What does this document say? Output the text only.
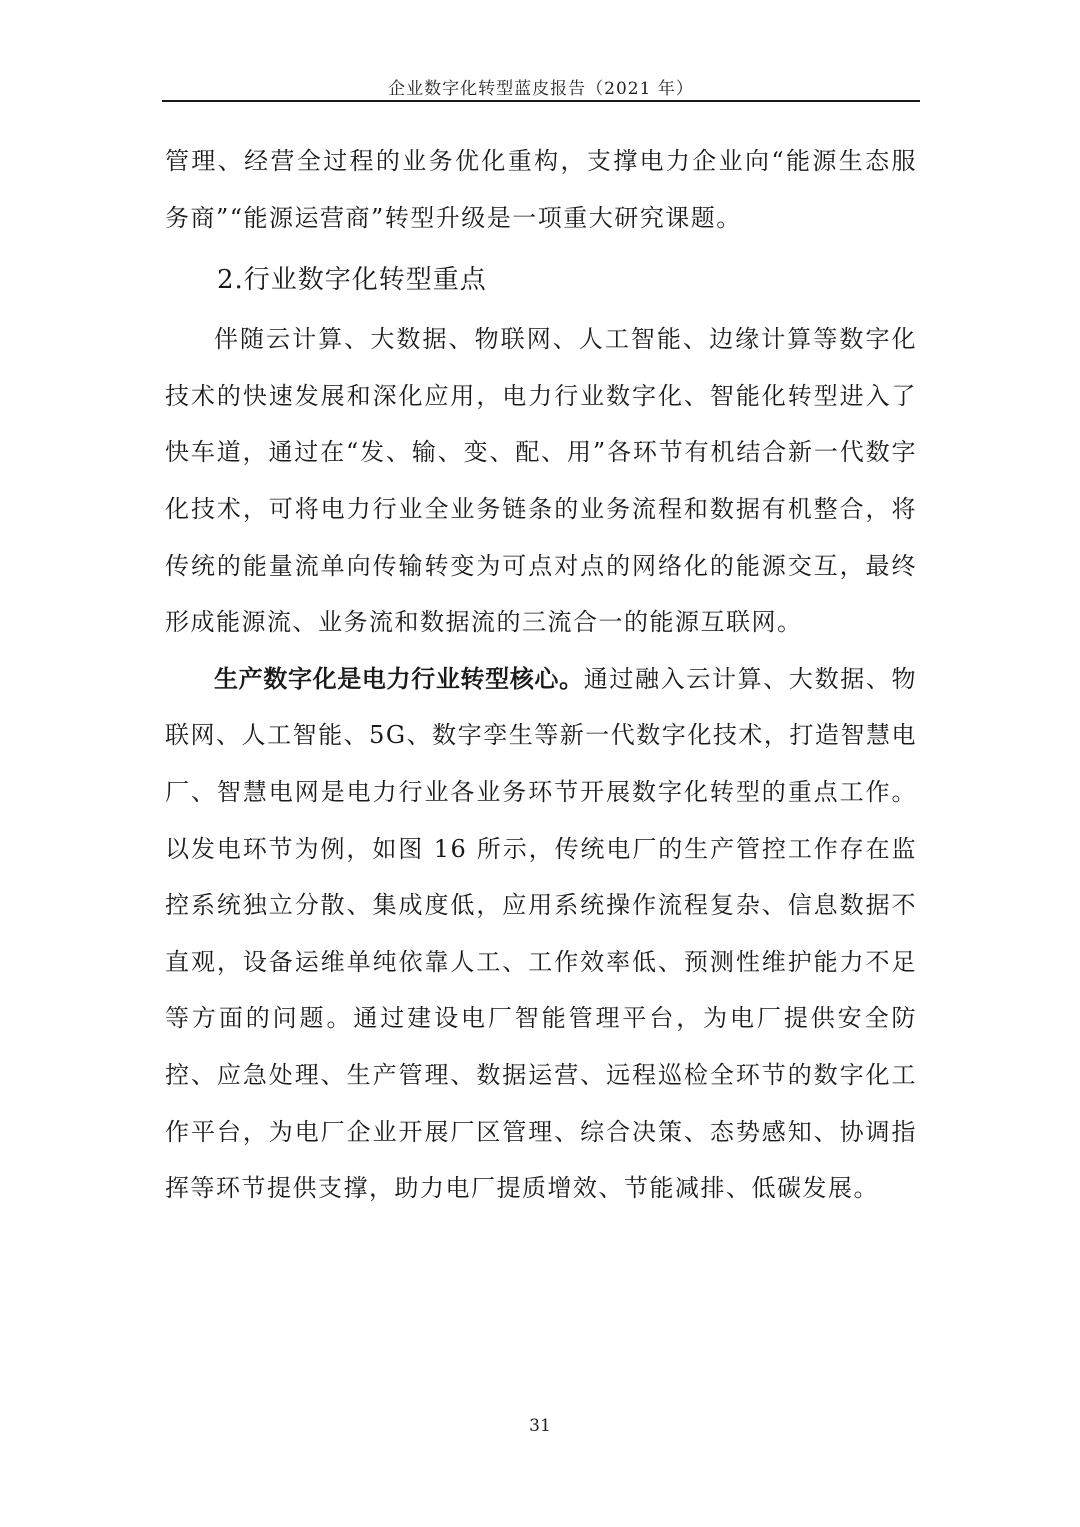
企业数字化转型蓝皮报告（2021 年）

管理、经营全过程的业务优化重构，支撑电力企业向“能源生态服务商”“能源运营商”转型升级是一项重大研究课题。

2.行业数字化转型重点

伴随云计算、大数据、物联网、人工智能、边缘计算等数字化技术的快速发展和深化应用，电力行业数字化、智能化转型进入了快车道，通过在“发、输、变、配、用”各环节有机结合新一代数字化技术，可将电力行业全业务链条的业务流程和数据有机整合，将传统的能量流单向传输转变为可点对点的网络化的能源交互，最终形成能源流、业务流和数据流的三流合一的能源互联网。

生产数字化是电力行业转型核心。通过融入云计算、大数据、物联网、人工智能、5G、数字孪生等新一代数字化技术，打造智慧电厂、智慧电网是电力行业各业务环节开展数字化转型的重点工作。以发电环节为例，如图 16 所示，传统电厂的生产管控工作存在监控系统独立分散、集成度低，应用系统操作流程复杂、信息数据不直观，设备运维单纯依靠人工、工作效率低、预测性维护能力不足等方面的问题。通过建设电厂智能管理平台，为电厂提供安全防控、应急处理、生产管理、数据运营、远程巡检全环节的数字化工作平台，为电厂企业开展厂区管理、综合决策、态势感知、协调指挥等环节提供支撑，助力电厂提质增效、节能减排、低碳发展。

31
